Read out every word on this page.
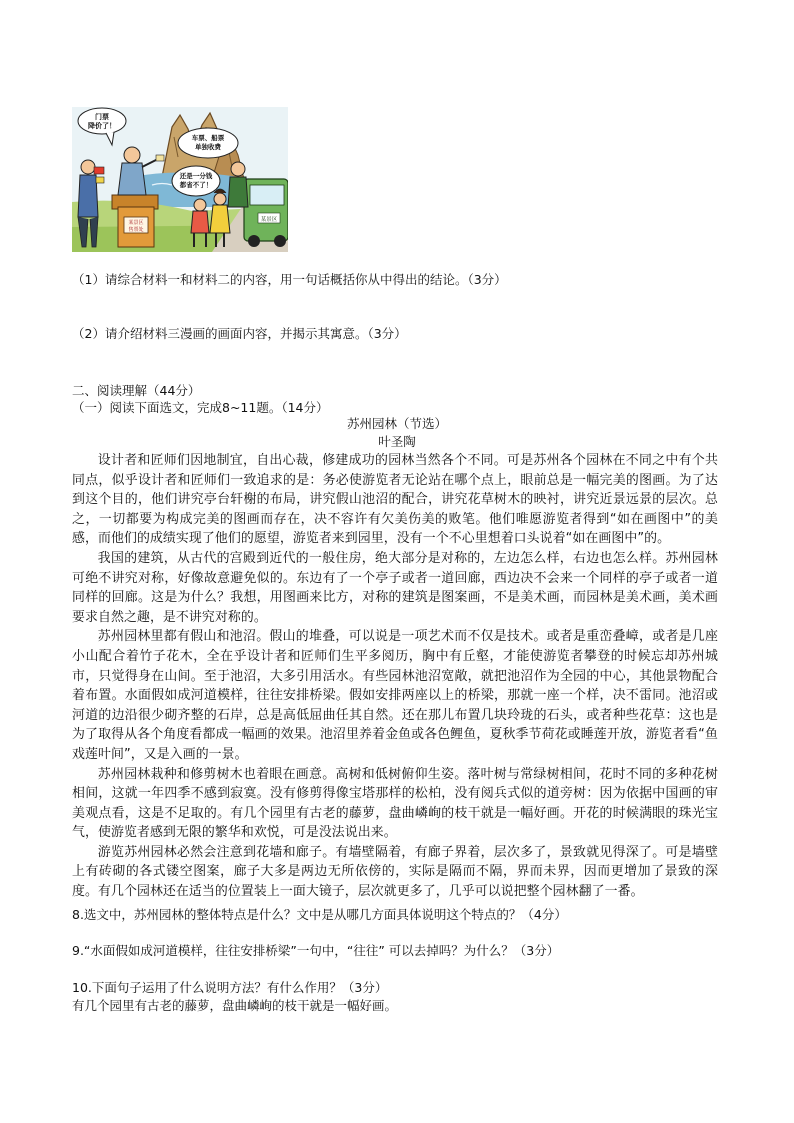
门票
降价了！
车票、船票
单独收费
还是一分钱
都省不了！
某景区
售票处
某景区
（1）请综合材料一和材料二的内容，用一句话概括你从中得出的结论。（3分）
（2）请介绍材料三漫画的画面内容，并揭示其寓意。（3分）
二、阅读理解（44分）
（一）阅读下面选文，完成8~11题。（14分）
苏州园林（节选）
叶圣陶

设计者和匠师们因地制宜，自出心裁，修建成功的园林当然各个不同。可是苏州各个园林在不同之中有个共同点，似乎设计者和匠师们一致追求的是：务必使游览者无论站在哪个点上，眼前总是一幅完美的图画。为了达到这个目的，他们讲究亭台轩榭的布局，讲究假山池沼的配合，讲究花草树木的映衬，讲究近景远景的层次。总之，一切都要为构成完美的图画而存在，决不容许有欠美伤美的败笔。他们唯愿游览者得到“如在画图中”的美感，而他们的成绩实现了他们的愿望，游览者来到园里，没有一个不心里想着口头说着“如在画图中”的。

我国的建筑，从古代的宫殿到近代的一般住房，绝大部分是对称的，左边怎么样，右边也怎么样。苏州园林可绝不讲究对称，好像故意避免似的。东边有了一个亭子或者一道回廊，西边决不会来一个同样的亭子或者一道同样的回廊。这是为什么？我想，用图画来比方，对称的建筑是图案画，不是美术画，而园林是美术画，美术画要求自然之趣，是不讲究对称的。

苏州园林里都有假山和池沼。假山的堆叠，可以说是一项艺术而不仅是技术。或者是重峦叠嶂，或者是几座小山配合着竹子花木，全在乎设计者和匠师们生平多阅历，胸中有丘壑，才能使游览者攀登的时候忘却苏州城市，只觉得身在山间。至于池沼，大多引用活水。有些园林池沼宽敞，就把池沼作为全园的中心，其他景物配合着布置。水面假如成河道模样，往往安排桥梁。假如安排两座以上的桥梁，那就一座一个样，决不雷同。池沼或河道的边沿很少砌齐整的石岸，总是高低屈曲任其自然。还在那儿布置几块玲珑的石头，或者种些花草：这也是为了取得从各个角度看都成一幅画的效果。池沼里养着金鱼或各色鲤鱼，夏秋季节荷花或睡莲开放，游览者看“鱼戏莲叶间”，又是入画的一景。

苏州园林栽种和修剪树木也着眼在画意。高树和低树俯仰生姿。落叶树与常绿树相间，花时不同的多种花树相间，这就一年四季不感到寂寞。没有修剪得像宝塔那样的松柏，没有阅兵式似的道旁树：因为依据中国画的审美观点看，这是不足取的。有几个园里有古老的藤萝，盘曲嶙峋的枝干就是一幅好画。开花的时候满眼的珠光宝气，使游览者感到无限的繁华和欢悦，可是没法说出来。

游览苏州园林必然会注意到花墙和廊子。有墙壁隔着，有廊子界着，层次多了，景致就见得深了。可是墙壁上有砖砌的各式镂空图案，廊子大多是两边无所依傍的，实际是隔而不隔，界而未界，因而更增加了景致的深度。有几个园林还在适当的位置装上一面大镜子，层次就更多了，几乎可以说把整个园林翻了一番。

8.选文中，苏州园林的整体特点是什么？文中是从哪几方面具体说明这个特点的？（4分）
9.“水面假如成河道模样，往往安排桥梁”一句中，“往往” 可以去掉吗？为什么？（3分）
10.下面句子运用了什么说明方法？有什么作用？（3分）
有几个园里有古老的藤萝，盘曲嶙峋的枝干就是一幅好画。
